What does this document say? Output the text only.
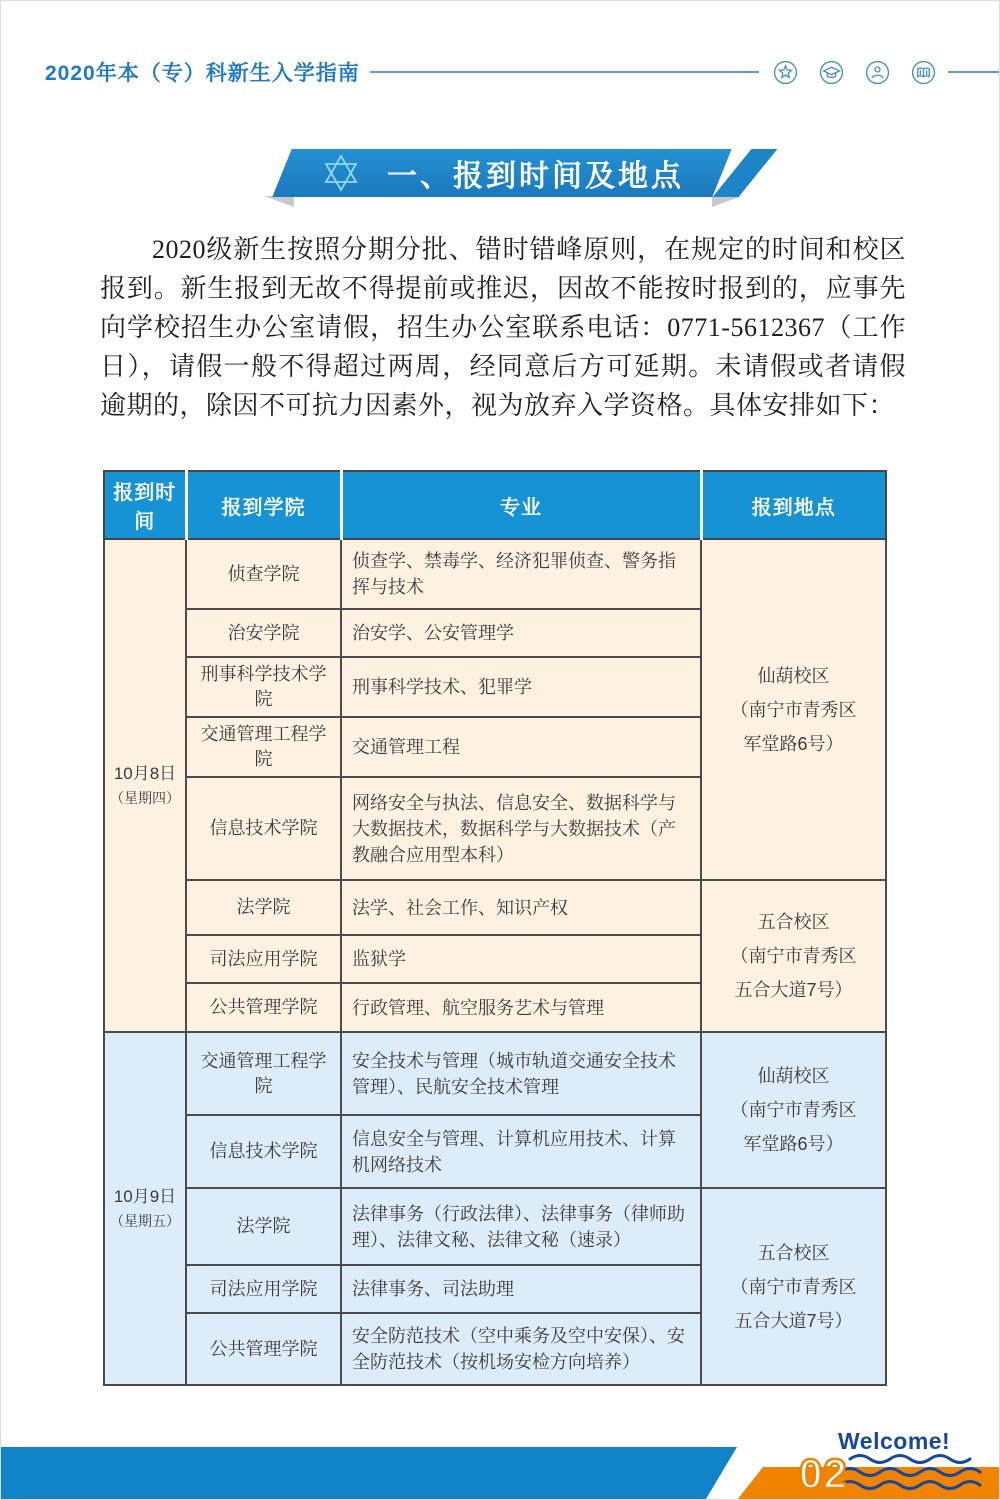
2020年本（专）科新生入学指南
一、报到时间及地点

2020级新生按照分期分批、错时错峰原则，在规定的时间和校区报到。新生报到无故不得提前或推迟，因故不能按时报到的，应事先向学校招生办公室请假，招生办公室联系电话：0771-5612367（工作日），请假一般不得超过两周，经同意后方可延期。未请假或者请假逾期的，除因不可抗力因素外，视为放弃入学资格。具体安排如下：

报到时间	报到学院	专业	报到地点

10月8日
（星期四）
	侦查学院	侦查学、禁毒学、经济犯罪侦查、警务指挥与技术	
仙葫校区
（南宁市青秀区
军堂路6号）

	治安学院	治安学、公安管理学	
	刑事科学技术学院	刑事科学技术、犯罪学	
	交通管理工程学院	交通管理工程	
	信息技术学院	网络安全与执法、信息安全、数据科学与大数据技术，数据科学与大数据技术（产教融合应用型本科）	
	法学院	法学、社会工作、知识产权	五合校区
（南宁市青秀区
五合大道7号）

	司法应用学院	监狱学	
	公共管理学院	行政管理、航空服务艺术与管理	

10月9日
（星期五）
	交通管理工程学院	安全技术与管理（城市轨道交通安全技术管理）、民航安全技术管理	
仙葫校区
（南宁市青秀区
军堂路6号）

	信息技术学院	信息安全与管理、计算机应用技术、计算机网络技术	
	法学院	法律事务（行政法律）、法律事务（律师助理）、法律文秘、法律文秘（速录）	五合校区
（南宁市青秀区
五合大道7号）

	司法应用学院	法律事务、司法助理	
	公共管理学院	安全防范技术（空中乘务及空中安保）、安全防范技术（按机场安检方向培养）	
Welcome!
02
